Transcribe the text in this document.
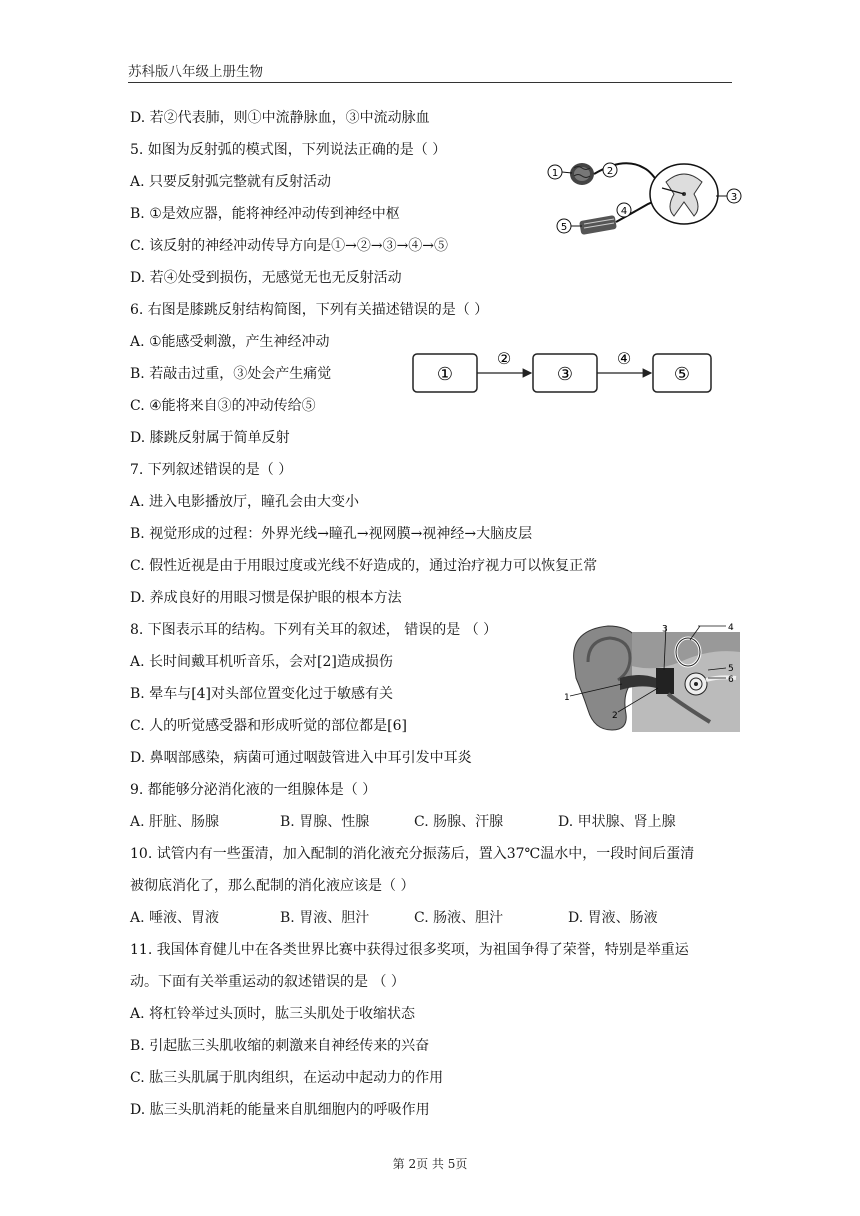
苏科版八年级上册生物
D. 若②代表肺，则①中流静脉血，③中流动脉血
5. 如图为反射弧的模式图，下列说法正确的是（ ）
A. 只要反射弧完整就有反射活动
B. ①是效应器，能将神经冲动传到神经中枢
C. 该反射的神经冲动传导方向是①→②→③→④→⑤
D. 若④处受到损伤，无感觉无也无反射活动
6. 右图是膝跳反射结构简图，下列有关描述错误的是（ ）
A. ①能感受刺激，产生神经冲动
B. 若敲击过重，③处会产生痛觉
C. ④能将来自③的冲动传给⑤
D. 膝跳反射属于简单反射
7. 下列叙述错误的是（ ）
A. 进入电影播放厅，瞳孔会由大变小
B. 视觉形成的过程：外界光线→瞳孔→视网膜→视神经→大脑皮层
C. 假性近视是由于用眼过度或光线不好造成的，通过治疗视力可以恢复正常
D. 养成良好的用眼习惯是保护眼的根本方法
8. 下图表示耳的结构。下列有关耳的叙述， 错误的是 （ ）
A. 长时间戴耳机听音乐，会对[2]造成损伤
B. 晕车与[4]对头部位置变化过于敏感有关
C. 人的听觉感受器和形成听觉的部位都是[6]
D. 鼻咽部感染，病菌可通过咽鼓管进入中耳引发中耳炎
9. 都能够分泌消化液的一组腺体是（ ）
A. 肝脏、肠腺	B. 胃腺、性腺	C. 肠腺、汗腺	D. 甲状腺、肾上腺
10. 试管内有一些蛋清，加入配制的消化液充分振荡后，置入37℃温水中，一段时间后蛋清
被彻底消化了，那么配制的消化液应该是（ ）
A. 唾液、胃液	B. 胃液、胆汁	C. 肠液、胆汁	D. 胃液、肠液
11. 我国体育健儿中在各类世界比赛中获得过很多奖项，为祖国争得了荣誉，特别是举重运
动。下面有关举重运动的叙述错误的是 （ ）
A. 将杠铃举过头顶时，肱三头肌处于收缩状态
B. 引起肱三头肌收缩的刺激来自神经传来的兴奋
C. 肱三头肌属于肌肉组织，在运动中起动力的作用
D. 肱三头肌消耗的能量来自肌细胞内的呼吸作用
1	2
3
4
5
①
②
③
④
⑤
1
2
3	4
5
6
第 2页 共 5页
